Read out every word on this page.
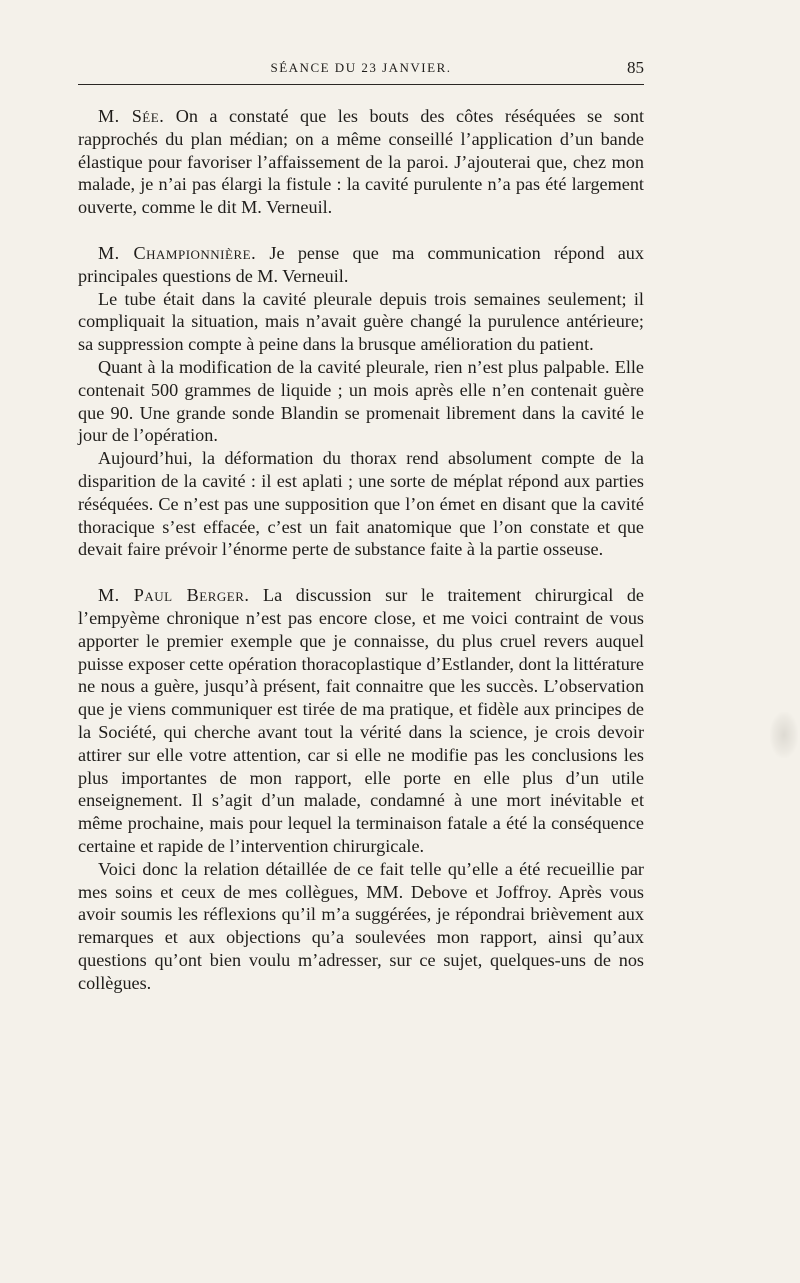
SÉANCE DU 23 JANVIER.	85

M. Sée. On a constaté que les bouts des côtes réséquées se sont rapprochés du plan médian; on a même conseillé l’application d’un bande élastique pour favoriser l’affaissement de la paroi. J’ajouterai que, chez mon malade, je n’ai pas élargi la fistule : la cavité purulente n’a pas été largement ouverte, comme le dit M. Verneuil.

M. Championnière. Je pense que ma communication répond aux principales questions de M. Verneuil.

Le tube était dans la cavité pleurale depuis trois semaines seulement; il compliquait la situation, mais n’avait guère changé la purulence antérieure; sa suppression compte à peine dans la brusque amélioration du patient.

Quant à la modification de la cavité pleurale, rien n’est plus palpable. Elle contenait 500 grammes de liquide ; un mois après elle n’en contenait guère que 90. Une grande sonde Blandin se promenait librement dans la cavité le jour de l’opération.

Aujourd’hui, la déformation du thorax rend absolument compte de la disparition de la cavité : il est aplati ; une sorte de méplat répond aux parties réséquées. Ce n’est pas une supposition que l’on émet en disant que la cavité thoracique s’est effacée, c’est un fait anatomique que l’on constate et que devait faire prévoir l’énorme perte de substance faite à la partie osseuse.

M. Paul Berger. La discussion sur le traitement chirurgical de l’empyème chronique n’est pas encore close, et me voici contraint de vous apporter le premier exemple que je connaisse, du plus cruel revers auquel puisse exposer cette opération thoracoplastique d’Estlander, dont la littérature ne nous a guère, jusqu’à présent, fait connaitre que les succès. L’observation que je viens communiquer est tirée de ma pratique, et fidèle aux principes de la Société, qui cherche avant tout la vérité dans la science, je crois devoir attirer sur elle votre attention, car si elle ne modifie pas les conclusions les plus importantes de mon rapport, elle porte en elle plus d’un utile enseignement. Il s’agit d’un malade, condamné à une mort inévitable et même prochaine, mais pour lequel la terminaison fatale a été la conséquence certaine et rapide de l’intervention chirurgicale.

Voici donc la relation détaillée de ce fait telle qu’elle a été recueillie par mes soins et ceux de mes collègues, MM. Debove et Joffroy. Après vous avoir soumis les réflexions qu’il m’a suggérées, je répondrai brièvement aux remarques et aux objections qu’a soulevées mon rapport, ainsi qu’aux questions qu’ont bien voulu m’adresser, sur ce sujet, quelques-uns de nos collègues.
